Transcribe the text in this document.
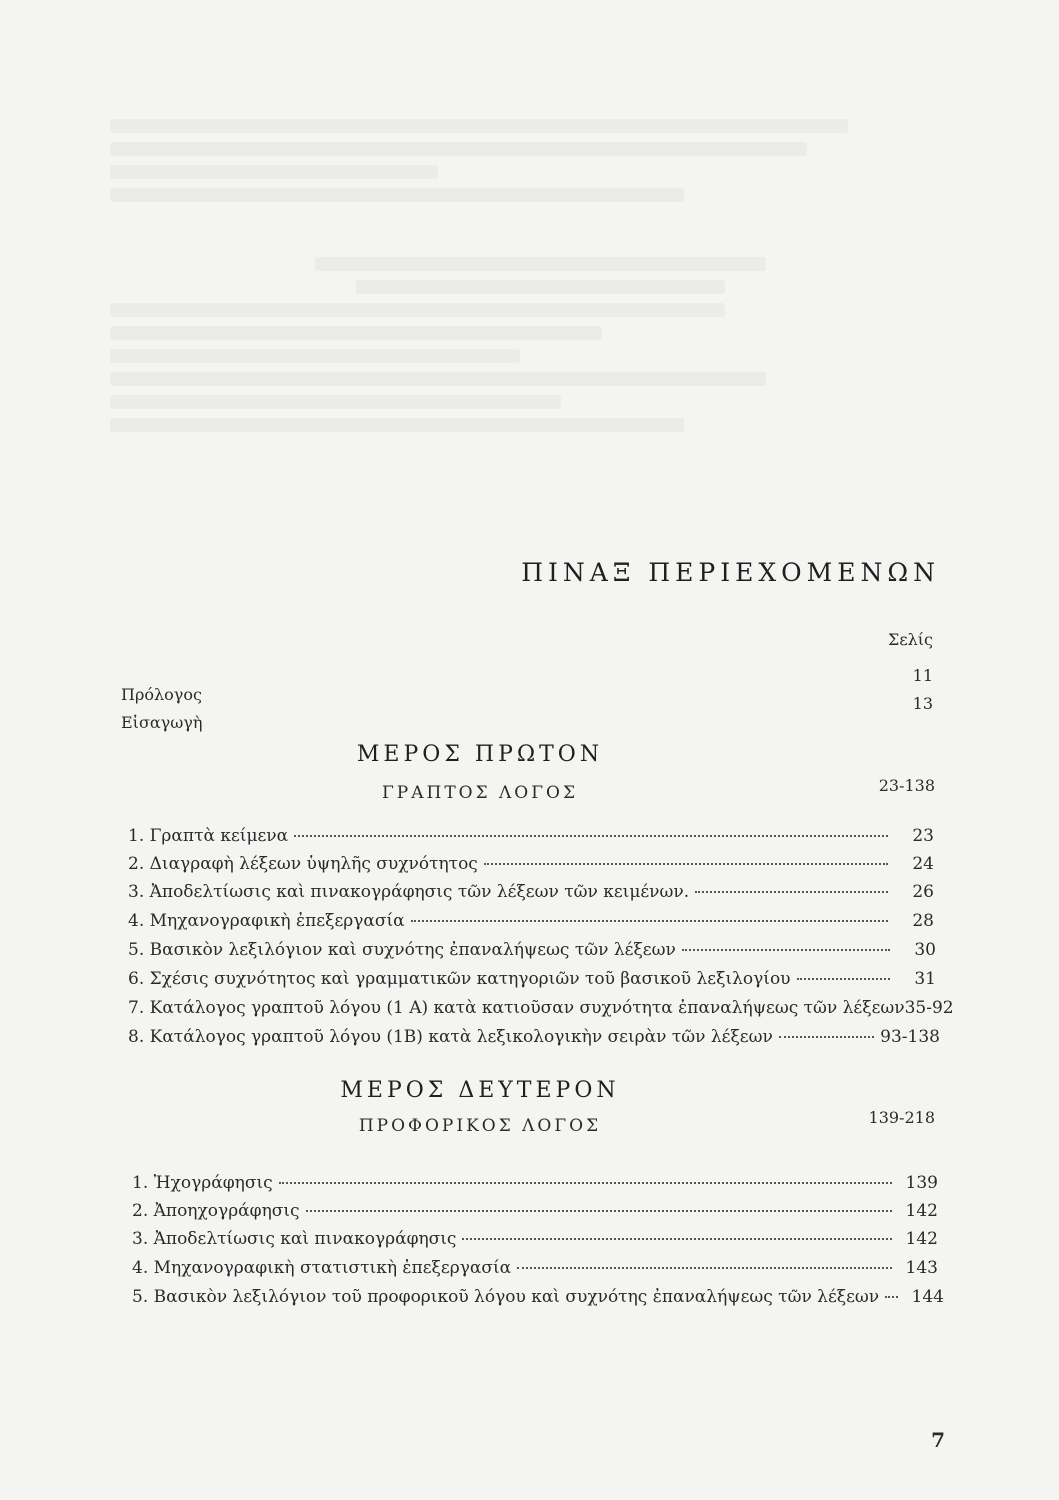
ΠΙΝΑΞ ΠΕΡΙΕΧΟΜΕΝΩΝ
Σελίς
Πρόλογος
11
Εἰσαγωγὴ
13
ΜΕΡΟΣ ΠΡΩΤΟΝ
ΓΡΑΠΤΟΣ ΛΟΓΟΣ	23-138
1. Γραπτὰ κείμενα	23
2. Διαγραφὴ λέξεων ὑψηλῆς συχνότητος	24
3. Ἀποδελτίωσις καὶ πινακογράφησις τῶν λέξεων τῶν κειμένων.	26
4. Μηχανογραφικὴ ἐπεξεργασία	28
5. Βασικὸν λεξιλόγιον καὶ συχνότης ἐπαναλήψεως τῶν λέξεων	30
6. Σχέσις συχνότητος καὶ γραμματικῶν κατηγοριῶν τοῦ βασικοῦ λεξιλογίου	31
7. Κατάλογος γραπτοῦ λόγου (1 Α) κατὰ κατιοῦσαν συχνότητα ἐπαναλήψεως τῶν λέξεων 35-92
8. Κατάλογος γραπτοῦ λόγου (1Β) κατὰ λεξικολογικὴν σειρὰν τῶν λέξεων	93-138
ΜΕΡΟΣ ΔΕΥΤΕΡΟΝ
ΠΡΟΦΟΡΙΚΟΣ ΛΟΓΟΣ	139-218
1. Ἠχογράφησις	139
2. Ἀποηχογράφησις	142
3. Ἀποδελτίωσις καὶ πινακογράφησις	142
4. Μηχανογραφικὴ στατιστικὴ ἐπεξεργασία	143
5. Βασικὸν λεξιλόγιον τοῦ προφορικοῦ λόγου καὶ συχνότης ἐπαναλήψεως τῶν λέξεων	144
7
